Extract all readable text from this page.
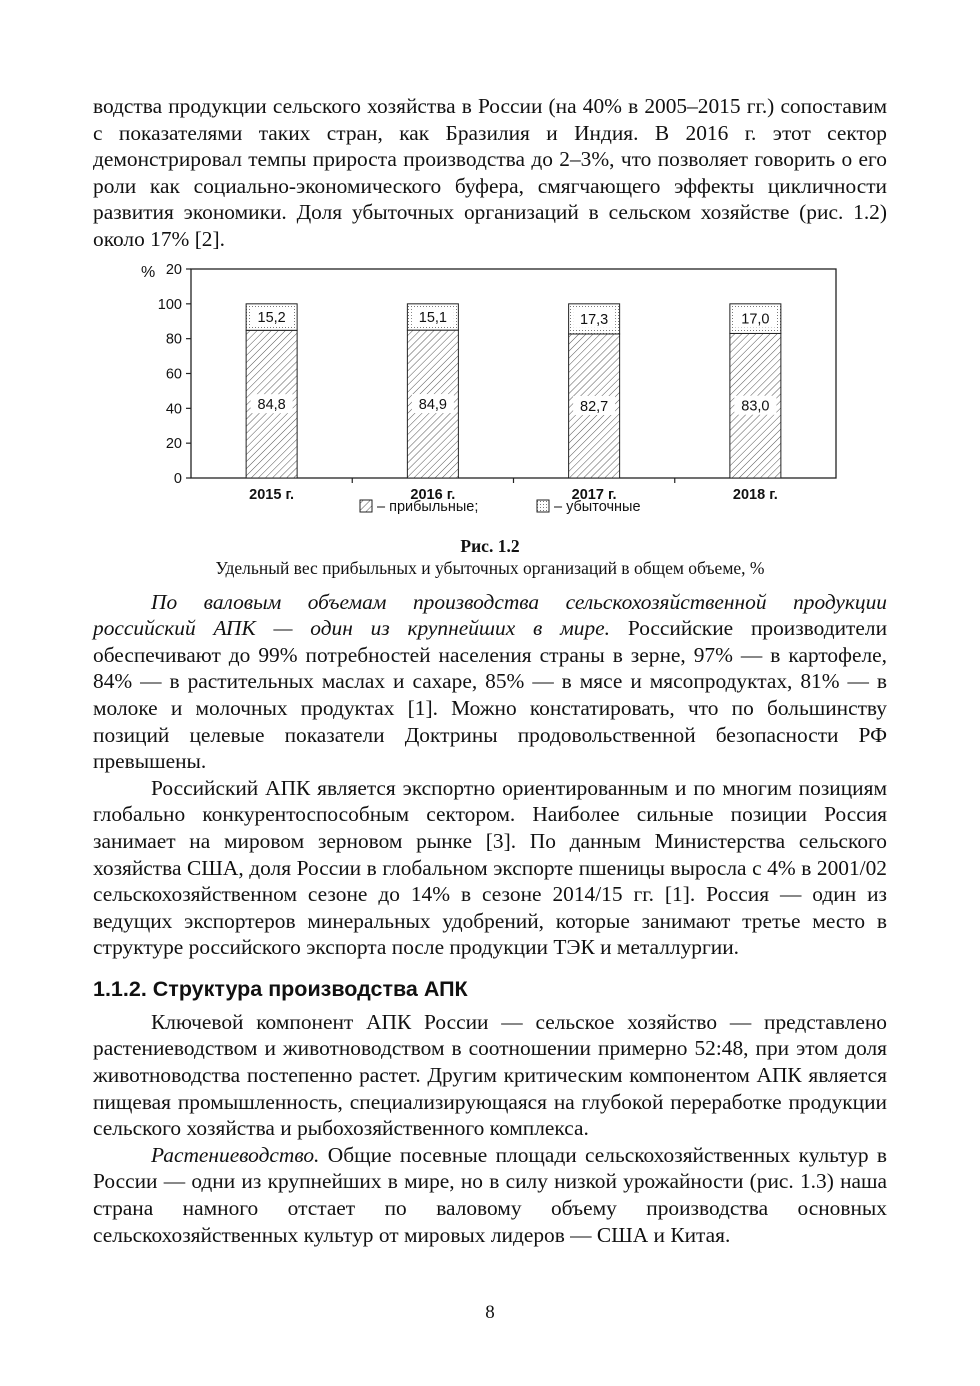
водства продукции сельского хозяйства в России (на 40% в 2005–2015 гг.) сопоставим с показателями таких стран, как Бразилия и Индия. В 2016 г. этот сектор демонстрировал темпы прироста производства до 2–3%, что позволяет говорить о его роли как социально-экономического буфера, смягчающего эффекты цикличности развития экономики. Доля убыточных организаций в сельском хозяйстве (рис. 1.2) около 17% [2].

0
20
40
60
80
100
20
%
84,8
15,2
2015 г.
84,9
15,1
2016 г.
82,7
17,3
2017 г.
83,0
17,0
2018 г.
– прибыльные;	– убыточные
Рис. 1.2
Удельный вес прибыльных и убыточных организаций в общем объеме, %

По валовым объемам производства сельскохозяйственной продукции российский АПК — один из крупнейших в мире. Российские производители обеспечивают до 99% потребностей населения страны в зерне, 97% — в картофеле, 84% — в растительных маслах и сахаре, 85% — в мясе и мясопродуктах, 81% — в молоке и молочных продуктах [1]. Можно констатировать, что по большинству позиций целевые показатели Доктрины продовольственной безопасности РФ превышены.

Российский АПК является экспортно ориентированным и по многим позициям глобально конкурентоспособным сектором. Наиболее сильные позиции Россия занимает на мировом зерновом рынке [3]. По данным Министерства сельского хозяйства США, доля России в глобальном экспорте пшеницы выросла с 4% в 2001/02 сельскохозяйственном сезоне до 14% в сезоне 2014/15 гг. [1]. Россия — один из ведущих экспортеров минеральных удобрений, которые занимают третье место в структуре российского экспорта после продукции ТЭК и металлургии.

1.1.2. Структура производства АПК

Ключевой компонент АПК России — сельское хозяйство — представлено растениеводством и животноводством в соотношении примерно 52:48, при этом доля животноводства постепенно растет. Другим критическим компонентом АПК является пищевая промышленность, специализирующаяся на глубокой переработке продукции сельского хозяйства и рыбохозяйственного комплекса.

Растениеводство. Общие посевные площади сельскохозяйственных культур в России — одни из крупнейших в мире, но в силу низкой урожайности (рис. 1.3) наша страна намного отстает по валовому объему производства основных сельскохозяйственных культур от мировых лидеров — США и Китая.

8
